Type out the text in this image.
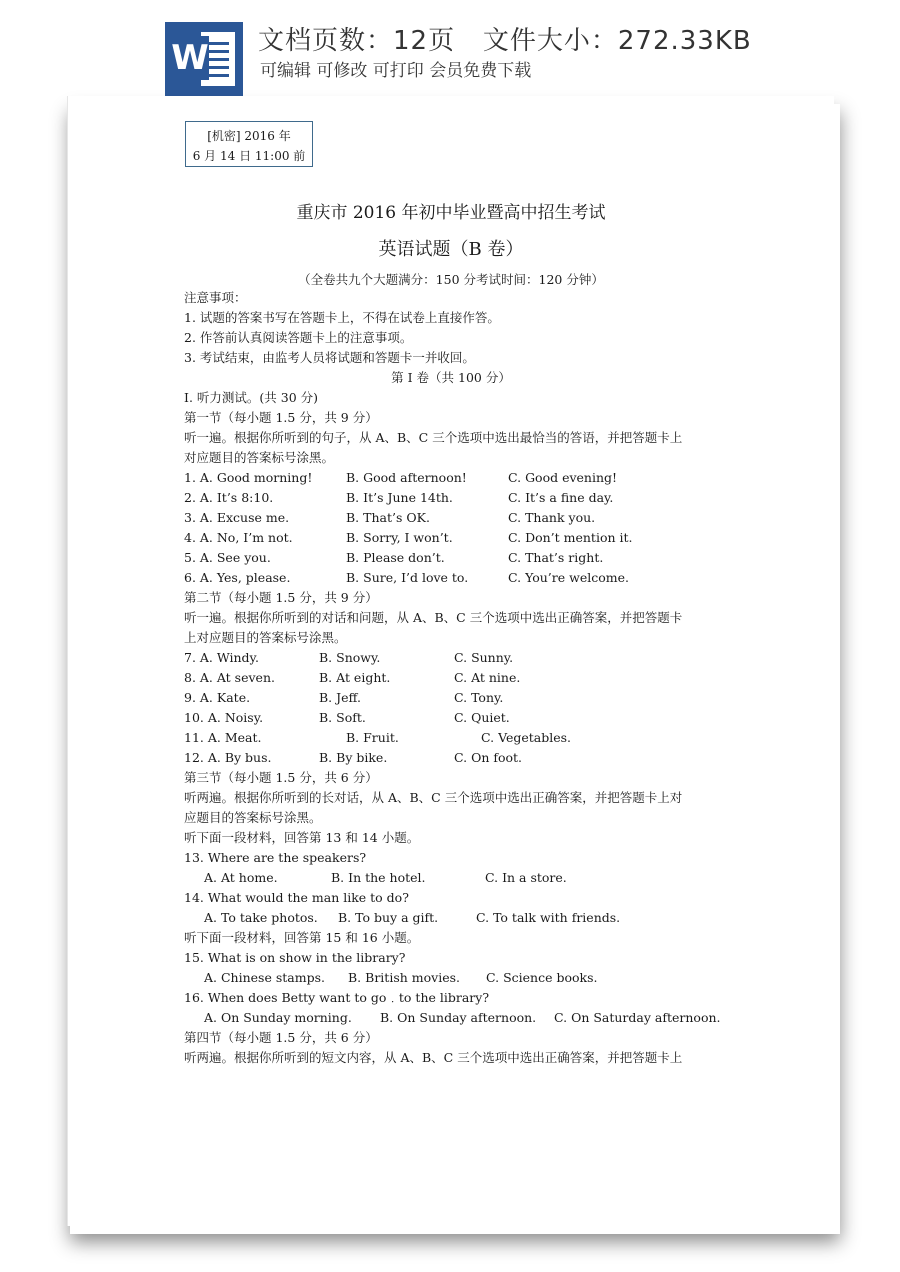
W 文档页数：12页   文件大小：272.33KB
可编辑 可修改 可打印 会员免费下载
[机密] 2016 年
6 月 14 日 11:00 前
重庆市 2016 年初中毕业暨高中招生考试
英语试题（B 卷）
（全卷共九个大题满分：150 分考试时间：120 分钟）
注意事项：
1. 试题的答案书写在答题卡上，不得在试卷上直接作答。
2. 作答前认真阅读答题卡上的注意事项。
3. 考试结束，由监考人员将试题和答题卡一并收回。
第 I 卷（共 100 分）
I. 听力测试。(共 30 分)
第一节（每小题 1.5 分，共 9 分）
听一遍。根据你所听到的句子，从 A、B、C 三个选项中选出最恰当的答语，并把答题卡上
对应题目的答案标号涂黑。
1. A. Good morning!	B. Good afternoon!	C. Good evening!
2. A. It’s 8:10.	B. It’s June 14th.	C. It’s a fine day.
3. A. Excuse me.	B. That’s OK.	C. Thank you.
4. A. No, I’m not.	B. Sorry, I won’t.	C. Don’t mention it.
5. A. See you.	B. Please don’t.	C. That’s right.
6. A. Yes, please.	B. Sure, I’d love to.	C. You’re welcome.
第二节（每小题 1.5 分，共 9 分）
听一遍。根据你所听到的对话和问题，从 A、B、C 三个选项中选出正确答案，并把答题卡
上对应题目的答案标号涂黑。
7. A. Windy.	B. Snowy.	C. Sunny.
8. A. At seven.	B. At eight.	C. At nine.
9. A. Kate.	B. Jeff.	C. Tony.
10. A. Noisy.	B. Soft.	C. Quiet.
11. A. Meat.	B. Fruit.	C. Vegetables.
12. A. By bus.	B. By bike.	C. On foot.
第三节（每小题 1.5 分，共 6 分）
听两遍。根据你所听到的长对话，从 A、B、C 三个选项中选出正确答案，并把答题卡上对
应题目的答案标号涂黑。
听下面一段材料，回答第 13 和 14 小题。
13. Where are the speakers?
A. At home.	B. In the hotel.	C. In a store.
14. What would the man like to do?
A. To take photos. B. To buy a gift.	C. To talk with friends.
听下面一段材料，回答第 15 和 16 小题。
15. What is on show in the library?
A. Chinese stamps. B. British movies. C. Science books.
16. When does Betty want to go﹒to the library?
A. On Sunday morning. B. On Sunday afternoon. C. On Saturday afternoon.
第四节（每小题 1.5 分，共 6 分）
听两遍。根据你所听到的短文内容，从 A、B、C 三个选项中选出正确答案，并把答题卡上
